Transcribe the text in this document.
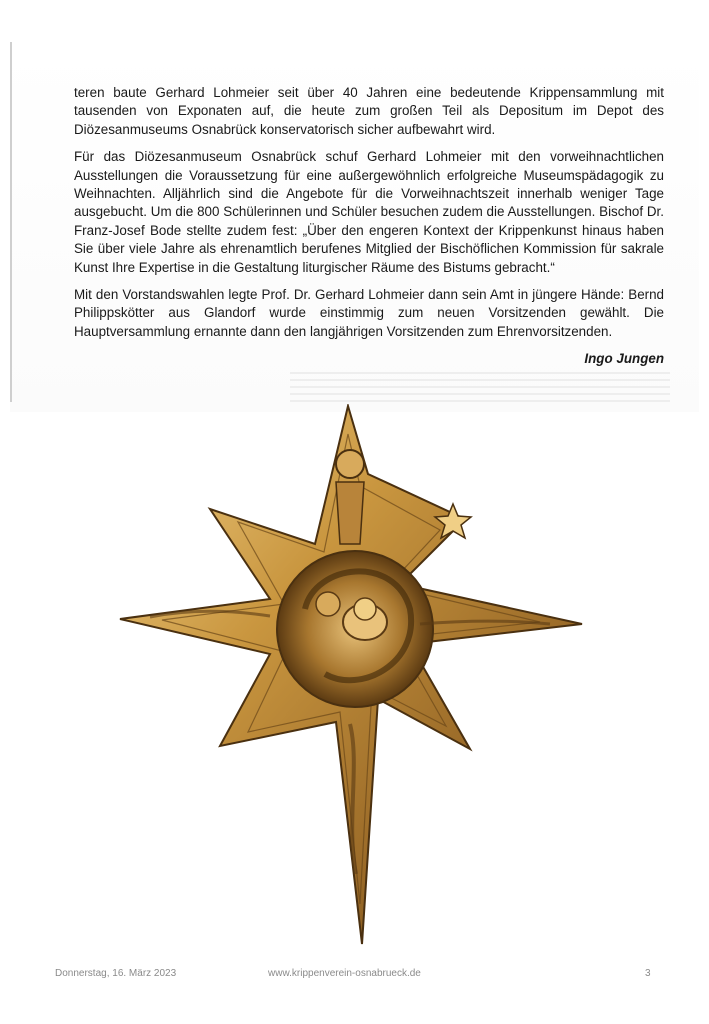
teren baute Gerhard Lohmeier seit über 40 Jahren eine bedeutende Krippensammlung mit tausenden von Exponaten auf, die heute zum großen Teil als Depositum im Depot des Diözesanmuseums Osnabrück konservatorisch sicher aufbewahrt wird.

Für das Diözesanmuseum Osnabrück schuf Gerhard Lohmeier mit den vorweihnachtlichen Ausstellungen die Voraussetzung für eine außergewöhnlich erfolgreiche Museumspädagogik zu Weihnachten. Alljährlich sind die Angebote für die Vorweihnachtszeit innerhalb weniger Tage ausgebucht. Um die 800 Schülerinnen und Schüler besuchen zudem die Ausstellungen. Bischof Dr. Franz-Josef Bode stellte zudem fest: „Über den engeren Kontext der Krippenkunst hinaus haben Sie über viele Jahre als ehrenamtlich berufenes Mitglied der Bischöflichen Kommission für sakrale Kunst Ihre Expertise in die Gestaltung liturgischer Räume des Bistums gebracht.“

Mit den Vorstandswahlen legte Prof. Dr. Gerhard Lohmeier dann sein Amt in jüngere Hände: Bernd Philippskötter aus Glandorf wurde einstimmig zum neuen Vorsitzenden gewählt. Die Hauptversammlung ernannte dann den langjährigen Vorsitzenden zum Ehrenvorsitzenden.

Ingo Jungen

Donnerstag, 16. März 2023	www.krippenverein-osnabrueck.de	3
